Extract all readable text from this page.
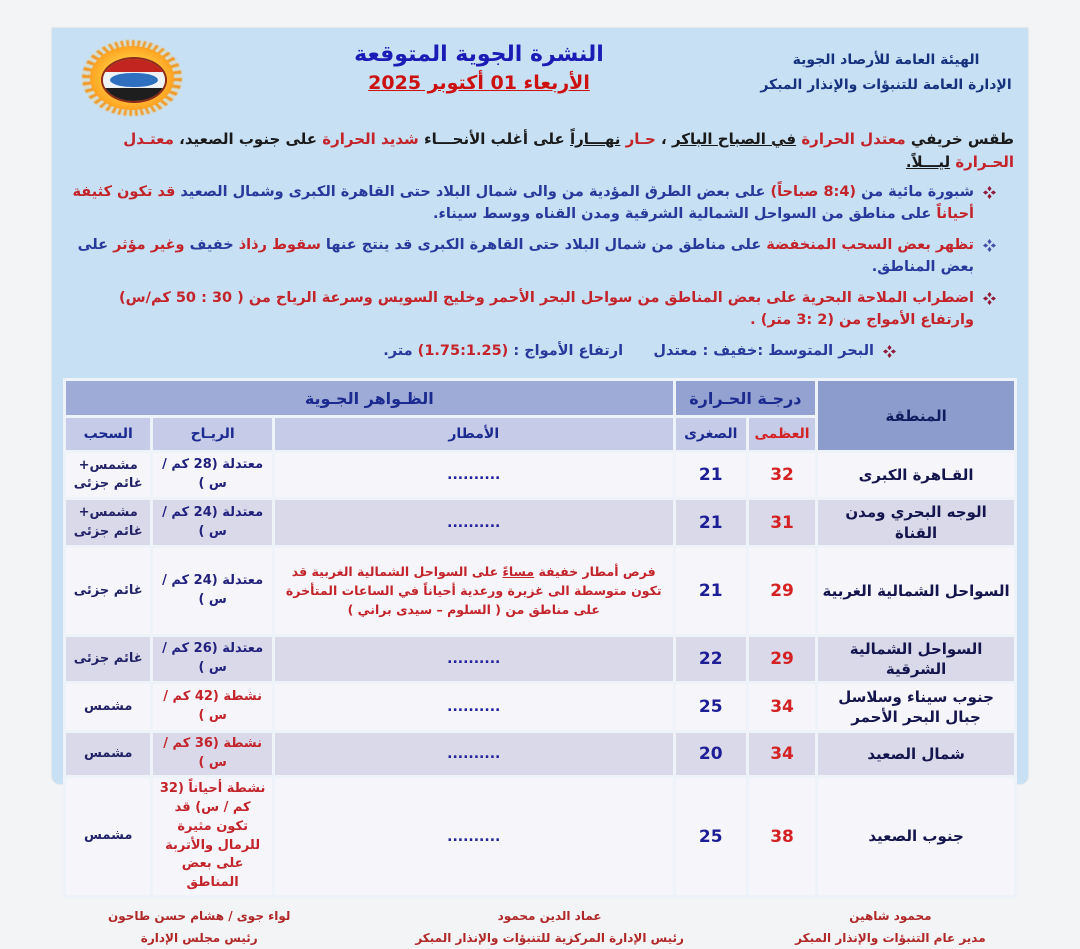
الهيئة العامة للأرصاد الجوية
الإدارة العامة للتنبؤات والإنذار المبكر
النشرة الجوية المتوقعة
الأربعاء 01 أكتوبر 2025
طقس خريفي معتدل الحرارة في الصباح الباكر ، حـار نهـــاراً على أغلب الأنحـــاء شديد الحرارة على جنوب الصعيد، معتـدل الحـرارة ليـــلاً.
شبورة مائية من (8:4 صباحاً) على بعض الطرق المؤدية من والى شمال البلاد حتى القاهرة الكبرى وشمال الصعيد قد تكون كثيفة أحياناً على مناطق من السواحل الشمالية الشرقية ومدن القناه ووسط سيناء.
تظهر بعض السحب المنخفضة على مناطق من شمال البلاد حتى القاهرة الكبرى قد ينتج عنها سقوط رذاذ خفيف وغير مؤثر على بعض المناطق.
اضطراب الملاحة البحرية على بعض المناطق من سواحل البحر الأحمر وخليج السويس وسرعة الرياح من ( 30 : 50 كم/س) وارتفاع الأمواج من (2 :3 متر) .
البحر المتوسط :خفيف : معتدل      ارتفاع الأمواج : (1.75:1.25) متر.
المنطقة	درجـة الحـرارة		الظـواهر الجـوية		
	العظمى	الصغرى	الأمطار	الريـاح	السحب
القـاهرة الكبرى	32	21	..........	معتدلة (28 كم / س )	مشمس+ غائم جزئى
الوجه البحري ومدن القناة	31	21	..........	معتدلة (24 كم / س )	مشمس+ غائم جزئى
السواحل الشمالية الغربية	29	21	فرص أمطار خفيفة مساءً على السواحل الشمالية الغربية قد تكون متوسطة الى غزيرة ورعدية أحياناً في الساعات المتأخرة على مناطق من ( السلوم – سيدى براني )	معتدلة (24 كم / س )	غائم جزئى
السواحل الشمالية الشرقية	29	22	..........	معتدلة (26 كم / س )	غائم جزئى
جنوب سيناء وسلاسل جبال البحر الأحمر	34	25	..........	نشطة (42 كم / س )	مشمس
شمال الصعيد	34	20	..........	نشطة (36 كم / س )	مشمس
جنوب الصعيد	38	25	..........	نشطة أحياناً (32 كم / س) قد تكون مثيرة للرمال والأتربة على بعض المناطق	مشمس
محمود شاهين
مدير عام التنبؤات والإنذار المبكر
عماد الدين محمود
رئيس الإدارة المركزية للتنبؤات والإنذار المبكر
لواء جوى / هشام حسن طاحون
رئيس مجلس الإدارة
